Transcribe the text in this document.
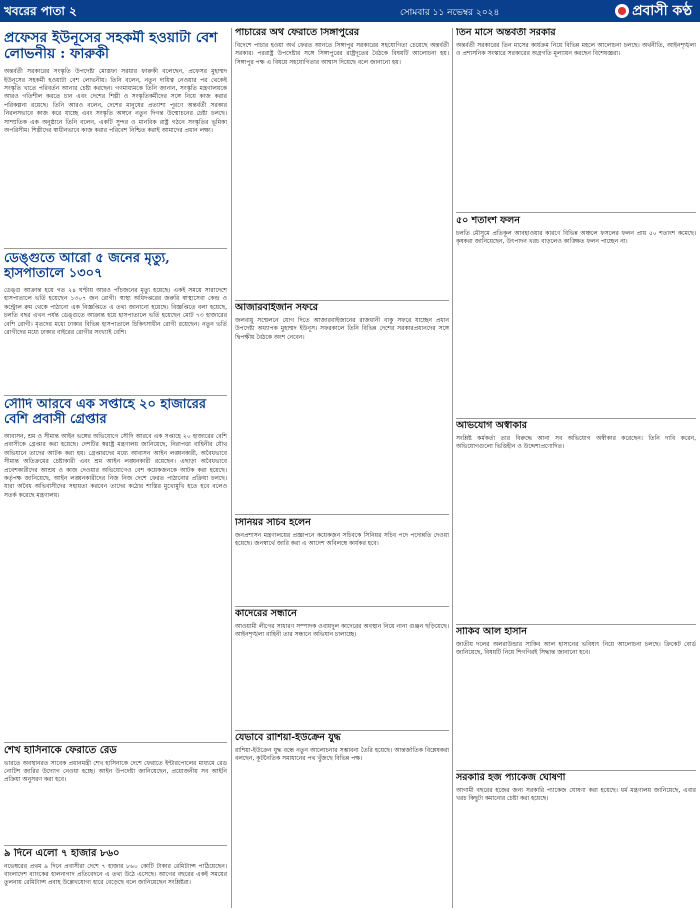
খবরের পাতা ২	সোমবার ১১ নভেম্বর ২০২৪	প্রবাসী কণ্ঠ
প্রফেসর ইউনূসের সহকর্মী হওয়াটা বেশ লোভনীয় : ফারুকী

অন্তর্বর্তী সরকারের সংস্কৃতি উপদেষ্টা মোস্তফা সরয়ার ফারুকী বলেছেন, প্রফেসর মুহাম্মদ ইউনূসের সহকর্মী হওয়াটা বেশ লোভনীয়। তিনি বলেন, নতুন দায়িত্ব নেওয়ার পর থেকেই সংস্কৃতি খাতে পরিবর্তন আনার চেষ্টা করছেন। গণমাধ্যমকে তিনি জানান, সংস্কৃতি মন্ত্রণালয়কে আরও গতিশীল করতে চান এবং দেশের শিল্পী ও সংস্কৃতিকর্মীদের সঙ্গে নিয়ে কাজ করার পরিকল্পনা রয়েছে। তিনি আরও বলেন, দেশের মানুষের প্রত্যাশা পূরণে অন্তর্বর্তী সরকার নিরলসভাবে কাজ করে যাচ্ছে এবং সংস্কৃতি অঙ্গনে নতুন দিগন্ত উন্মোচনের চেষ্টা চলছে। সাম্প্রতিক এক অনুষ্ঠানে তিনি বলেন, একটি সুন্দর ও মানবিক রাষ্ট্র গঠনে সংস্কৃতির ভূমিকা অপরিসীম। শিল্পীদের স্বাধীনভাবে কাজ করার পরিবেশ নিশ্চিত করাই আমাদের প্রধান লক্ষ্য।

ডেঙ্গুতে আরো ৫ জনের মৃত্যু, হাসপাতালে ১৩০৭

ডেঙ্গু আক্রান্ত হয়ে গত ২৪ ঘণ্টায় আরও পাঁচজনের মৃত্যু হয়েছে। একই সময়ে সারাদেশে হাসপাতালে ভর্তি হয়েছেন ১৩০৭ জন রোগী। স্বাস্থ্য অধিদপ্তরের জরুরি স্বাস্থ্যসেবা কেন্দ্র ও কন্ট্রোল রুম থেকে পাঠানো এক বিজ্ঞপ্তিতে এ তথ্য জানানো হয়েছে। বিজ্ঞপ্তিতে বলা হয়েছে, চলতি বছর এখন পর্যন্ত ডেঙ্গুতে আক্রান্ত হয়ে হাসপাতালে ভর্তি হয়েছেন মোট ৭৩ হাজারের বেশি রোগী। মৃতদের মধ্যে ঢাকার বিভিন্ন হাসপাতালে চিকিৎসাধীন রোগী রয়েছেন। নতুন ভর্তি রোগীদের মধ্যে ঢাকার বাইরের রোগীর সংখ্যাই বেশি।

সৌদি আরবে এক সপ্তাহে ২০ হাজারের বেশি প্রবাসী গ্রেপ্তার

আবাসন, শ্রম ও সীমান্ত আইন ভঙ্গের অভিযোগে সৌদি আরবে এক সপ্তাহে ২০ হাজারের বেশি প্রবাসীকে গ্রেপ্তার করা হয়েছে। দেশটির স্বরাষ্ট্র মন্ত্রণালয় জানিয়েছে, নিরাপত্তা বাহিনীর যৌথ অভিযানে তাদের আটক করা হয়। গ্রেপ্তারদের মধ্যে আবাসন আইন লঙ্ঘনকারী, অবৈধভাবে সীমান্ত অতিক্রমের চেষ্টাকারী এবং শ্রম আইন লঙ্ঘনকারী রয়েছেন। এছাড়া অবৈধভাবে প্রবেশকারীদের আশ্রয় ও কাজ দেওয়ার অভিযোগেও বেশ কয়েকজনকে আটক করা হয়েছে। কর্তৃপক্ষ জানিয়েছে, আইন লঙ্ঘনকারীদের নিজ নিজ দেশে ফেরত পাঠানোর প্রক্রিয়া চলছে। যারা অবৈধ অভিবাসীদের সহায়তা করবেন তাদের কঠোর শাস্তির মুখোমুখি হতে হবে বলেও সতর্ক করেছে মন্ত্রণালয়।

শেখ হাসিনাকে ফেরাতে রেড

ভারতে অবস্থানরত সাবেক প্রধানমন্ত্রী শেখ হাসিনাকে দেশে ফেরাতে ইন্টারপোলের মাধ্যমে রেড নোটিশ জারির উদ্যোগ নেওয়া হচ্ছে। আইন উপদেষ্টা জানিয়েছেন, প্রয়োজনীয় সব আইনি প্রক্রিয়া অনুসরণ করা হবে।

৯ দিনে এলো ৭ হাজার ৮৬০

নভেম্বরের প্রথম ৯ দিনে প্রবাসীরা দেশে ৭ হাজার ৮৬০ কোটি টাকার রেমিট্যান্স পাঠিয়েছেন। বাংলাদেশ ব্যাংকের হালনাগাদ প্রতিবেদনে এ তথ্য উঠে এসেছে। আগের বছরের একই সময়ের তুলনায় রেমিট্যান্স প্রবাহ উল্লেখযোগ্য হারে বেড়েছে বলে জানিয়েছেন সংশ্লিষ্টরা।

পাচারের অর্থ ফেরাতে সিঙ্গাপুরের

বিদেশে পাচার হওয়া অর্থ ফেরত আনতে সিঙ্গাপুর সরকারের সহযোগিতা চেয়েছে অন্তর্বর্তী সরকার। পররাষ্ট্র উপদেষ্টার সঙ্গে সিঙ্গাপুরের রাষ্ট্রদূতের বৈঠকে বিষয়টি আলোচনা হয়। সিঙ্গাপুর পক্ষ এ বিষয়ে সহযোগিতার আশ্বাস দিয়েছে বলে জানানো হয়।

আজারবাইজান সফরে

জলবায়ু সম্মেলনে যোগ দিতে আজারবাইজানের রাজধানী বাকু সফরে যাচ্ছেন প্রধান উপদেষ্টা অধ্যাপক মুহাম্মদ ইউনূস। সফরকালে তিনি বিভিন্ন দেশের সরকারপ্রধানদের সঙ্গে দ্বিপক্ষীয় বৈঠকে অংশ নেবেন।

সিনিয়র সচিব হলেন

জনপ্রশাসন মন্ত্রণালয়ের প্রজ্ঞাপনে কয়েকজন সচিবকে সিনিয়র সচিব পদে পদোন্নতি দেওয়া হয়েছে। জনস্বার্থে জারি করা এ আদেশ অবিলম্বে কার্যকর হবে।

কাদেরের সন্ধানে

আওয়ামী লীগের সাধারণ সম্পাদক ওবায়দুল কাদেরের অবস্থান নিয়ে নানা গুঞ্জন ছড়িয়েছে। আইনশৃঙ্খলা বাহিনী তার সন্ধানে অভিযান চালাচ্ছে।

যেভাবে রাশিয়া-ইউক্রেন যুদ্ধ

রাশিয়া-ইউক্রেন যুদ্ধ বন্ধে নতুন আলোচনার সম্ভাবনা তৈরি হয়েছে। আন্তর্জাতিক বিশ্লেষকরা বলছেন, কূটনৈতিক সমাধানের পথ খুঁজছে বিভিন্ন পক্ষ।

তিন মাসে অন্তর্বর্তী সরকার

অন্তর্বর্তী সরকারের তিন মাসের কার্যক্রম নিয়ে বিভিন্ন মহলে আলোচনা চলছে। অর্থনীতি, আইনশৃঙ্খলা ও প্রশাসনিক সংস্কারে সরকারের অগ্রগতি মূল্যায়ন করছেন বিশেষজ্ঞরা।

৫০ শতাংশ ফলন

চলতি মৌসুমে প্রতিকূল আবহাওয়ার কারণে বিভিন্ন অঞ্চলে ফসলের ফলন প্রায় ৫০ শতাংশ কমেছে। কৃষকরা জানিয়েছেন, উৎপাদন খরচ বাড়লেও কাঙ্ক্ষিত ফলন পাচ্ছেন না।

অভিযোগ অস্বীকার

সংশ্লিষ্ট কর্মকর্তা তার বিরুদ্ধে আনা সব অভিযোগ অস্বীকার করেছেন। তিনি দাবি করেন, অভিযোগগুলো ভিত্তিহীন ও উদ্দেশ্যপ্রণোদিত।

সাকিব আল হাসান

জাতীয় দলের অলরাউন্ডার সাকিব আল হাসানের ভবিষ্যৎ নিয়ে আলোচনা চলছে। ক্রিকেট বোর্ড জানিয়েছে, বিষয়টি নিয়ে শিগগিরই সিদ্ধান্ত জানানো হবে।

সরকারি হজ প্যাকেজ ঘোষণা

আগামী বছরের হজের জন্য সরকারি প্যাকেজ ঘোষণা করা হয়েছে। ধর্ম মন্ত্রণালয় জানিয়েছে, এবার খরচ কিছুটা কমানোর চেষ্টা করা হয়েছে।
